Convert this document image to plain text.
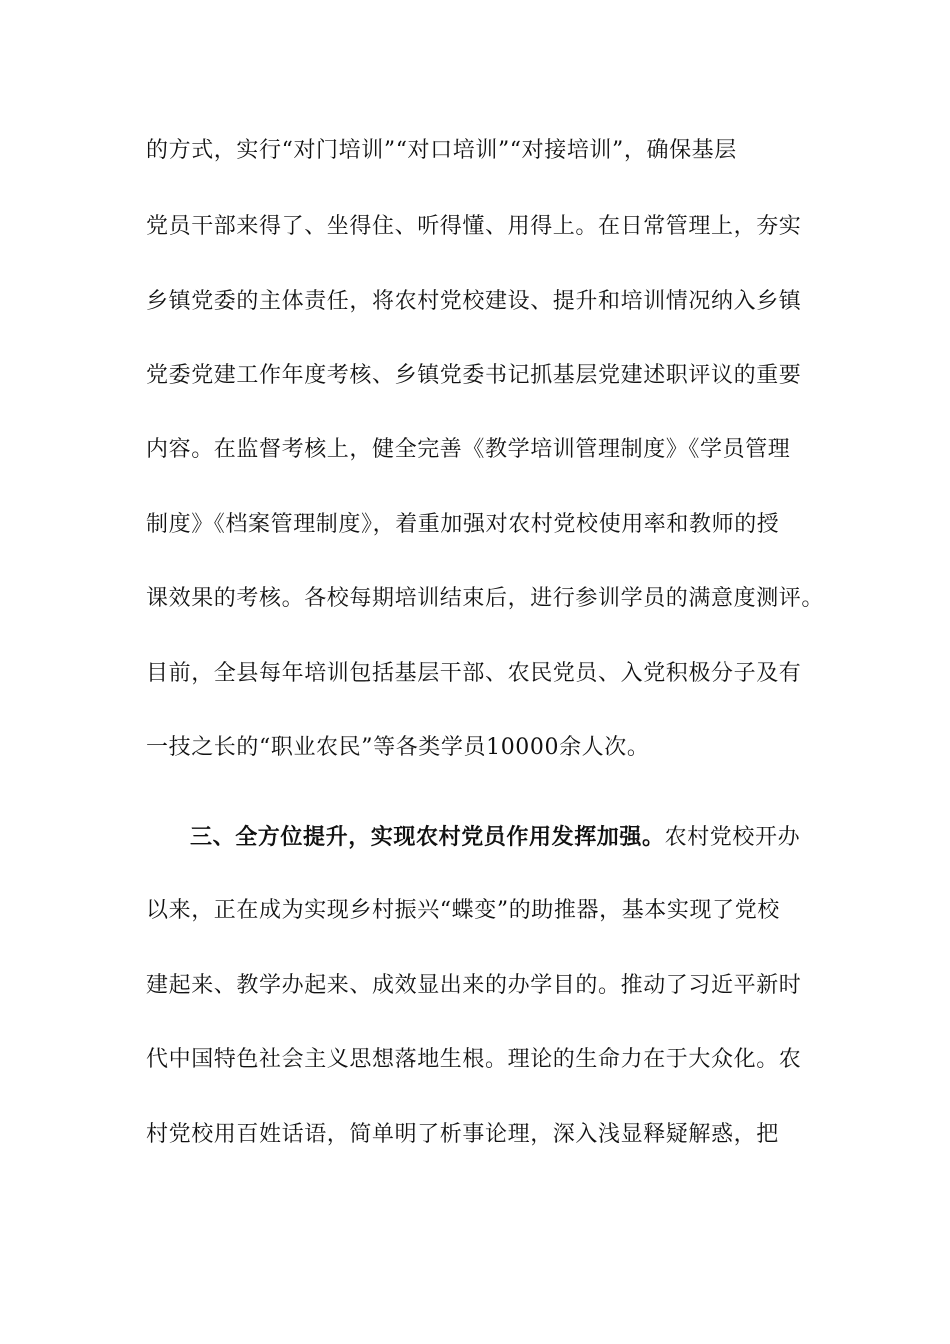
的方式，实行“对门培训”“对口培训”“对接培训”，确保基层
党员干部来得了、坐得住、听得懂、用得上。在日常管理上，夯实
乡镇党委的主体责任，将农村党校建设、提升和培训情况纳入乡镇
党委党建工作年度考核、乡镇党委书记抓基层党建述职评议的重要
内容。在监督考核上，健全完善《教学培训管理制度》《学员管理
制度》《档案管理制度》，着重加强对农村党校使用率和教师的授
课效果的考核。各校每期培训结束后，进行参训学员的满意度测评。
目前，全县每年培训包括基层干部、农民党员、入党积极分子及有
一技之长的“职业农民”等各类学员10000余人次。
三、全方位提升，实现农村党员作用发挥加强。农村党校开办
以来，正在成为实现乡村振兴“蝶变”的助推器，基本实现了党校
建起来、教学办起来、成效显出来的办学目的。推动了习近平新时
代中国特色社会主义思想落地生根。理论的生命力在于大众化。农
村党校用百姓话语，简单明了析事论理，深入浅显释疑解惑，把
